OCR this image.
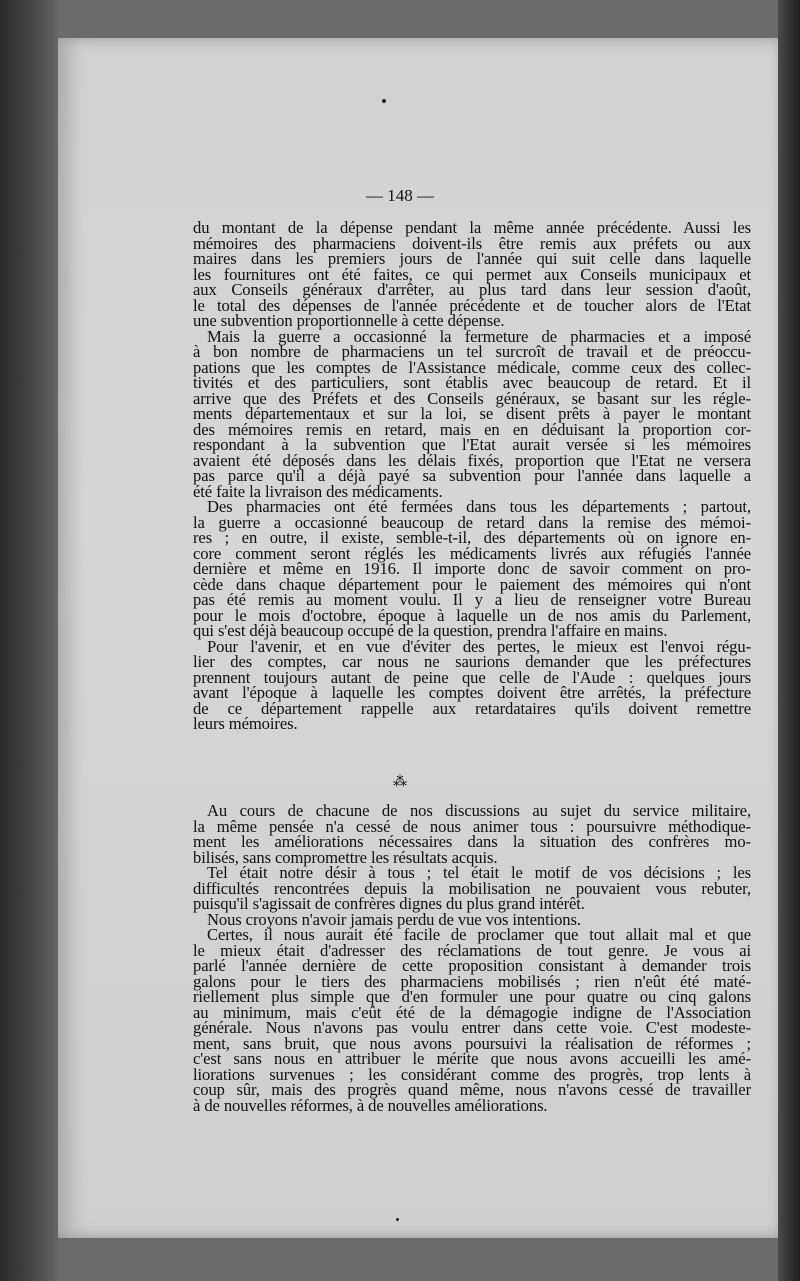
— 148 —
du montant de la dépense pendant la même année précédente. Aussi les
mémoires des pharmaciens doivent-ils être remis aux préfets ou aux
maires dans les premiers jours de l'année qui suit celle dans laquelle
les fournitures ont été faites, ce qui permet aux Conseils municipaux et
aux Conseils généraux d'arrêter, au plus tard dans leur session d'août,
le total des dépenses de l'année précédente et de toucher alors de l'Etat
une subvention proportionnelle à cette dépense.
Mais la guerre a occasionné la fermeture de pharmacies et a imposé
à bon nombre de pharmaciens un tel surcroît de travail et de préoccu-
pations que les comptes de l'Assistance médicale, comme ceux des collec-
tivités et des particuliers, sont établis avec beaucoup de retard. Et il
arrive que des Préfets et des Conseils généraux, se basant sur les régle-
ments départementaux et sur la loi, se disent prêts à payer le montant
des mémoires remis en retard, mais en en déduisant la proportion cor-
respondant à la subvention que l'Etat aurait versée si les mémoires
avaient été déposés dans les délais fixés, proportion que l'Etat ne versera
pas parce qu'il a déjà payé sa subvention pour l'année dans laquelle a
été faite la livraison des médicaments.
Des pharmacies ont été fermées dans tous les départements ; partout,
la guerre a occasionné beaucoup de retard dans la remise des mémoi-
res ; en outre, il existe, semble-t-il, des départements où on ignore en-
core comment seront réglés les médicaments livrés aux réfugiés l'année
dernière et même en 1916. Il importe donc de savoir comment on pro-
cède dans chaque département pour le paiement des mémoires qui n'ont
pas été remis au moment voulu. Il y a lieu de renseigner votre Bureau
pour le mois d'octobre, époque à laquelle un de nos amis du Parlement,
qui s'est déjà beaucoup occupé de la question, prendra l'affaire en mains.
Pour l'avenir, et en vue d'éviter des pertes, le mieux est l'envoi régu-
lier des comptes, car nous ne saurions demander que les préfectures
prennent toujours autant de peine que celle de l'Aude : quelques jours
avant l'époque à laquelle les comptes doivent être arrêtés, la préfecture
de ce département rappelle aux retardataires qu'ils doivent remettre
leurs mémoires.
⁂
Au cours de chacune de nos discussions au sujet du service militaire,
la même pensée n'a cessé de nous animer tous : poursuivre méthodique-
ment les améliorations nécessaires dans la situation des confrères mo-
bilisés, sans compromettre les résultats acquis.
Tel était notre désir à tous ; tel était le motif de vos décisions ; les
difficultés rencontrées depuis la mobilisation ne pouvaient vous rebuter,
puisqu'il s'agissait de confrères dignes du plus grand intérêt.
Nous croyons n'avoir jamais perdu de vue vos intentions.
Certes, il nous aurait été facile de proclamer que tout allait mal et que
le mieux était d'adresser des réclamations de tout genre. Je vous ai
parlé l'année dernière de cette proposition consistant à demander trois
galons pour le tiers des pharmaciens mobilisés ; rien n'eût été maté-
riellement plus simple que d'en formuler une pour quatre ou cinq galons
au minimum, mais c'eût été de la démagogie indigne de l'Association
générale. Nous n'avons pas voulu entrer dans cette voie. C'est modeste-
ment, sans bruit, que nous avons poursuivi la réalisation de réformes ;
c'est sans nous en attribuer le mérite que nous avons accueilli les amé-
liorations survenues ; les considérant comme des progrès, trop lents à
coup sûr, mais des progrès quand même, nous n'avons cessé de travailler
à de nouvelles réformes, à de nouvelles améliorations.
